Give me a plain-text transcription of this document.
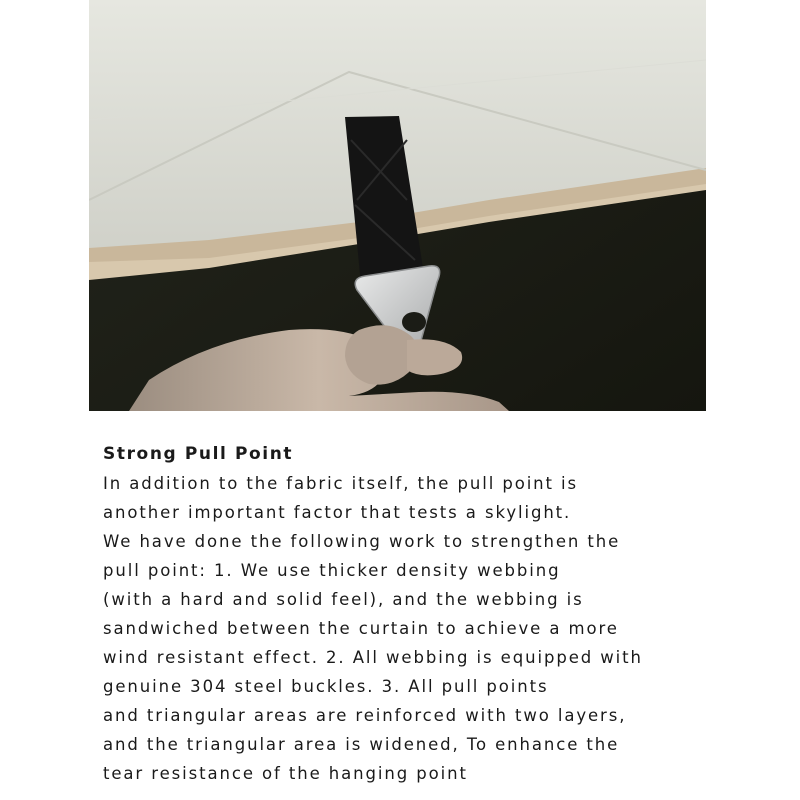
Strong Pull Point
In addition to the fabric itself, the pull point is
another important factor that tests a skylight.
We have done the following work to strengthen the
pull point: 1. We use thicker density webbing
(with a hard and solid feel), and the webbing is
sandwiched between the curtain to achieve a more
wind resistant effect. 2. All webbing is equipped with
genuine 304 steel buckles. 3. All pull points
and triangular areas are reinforced with two layers,
and the triangular area is widened, To enhance the
tear resistance of the hanging point
